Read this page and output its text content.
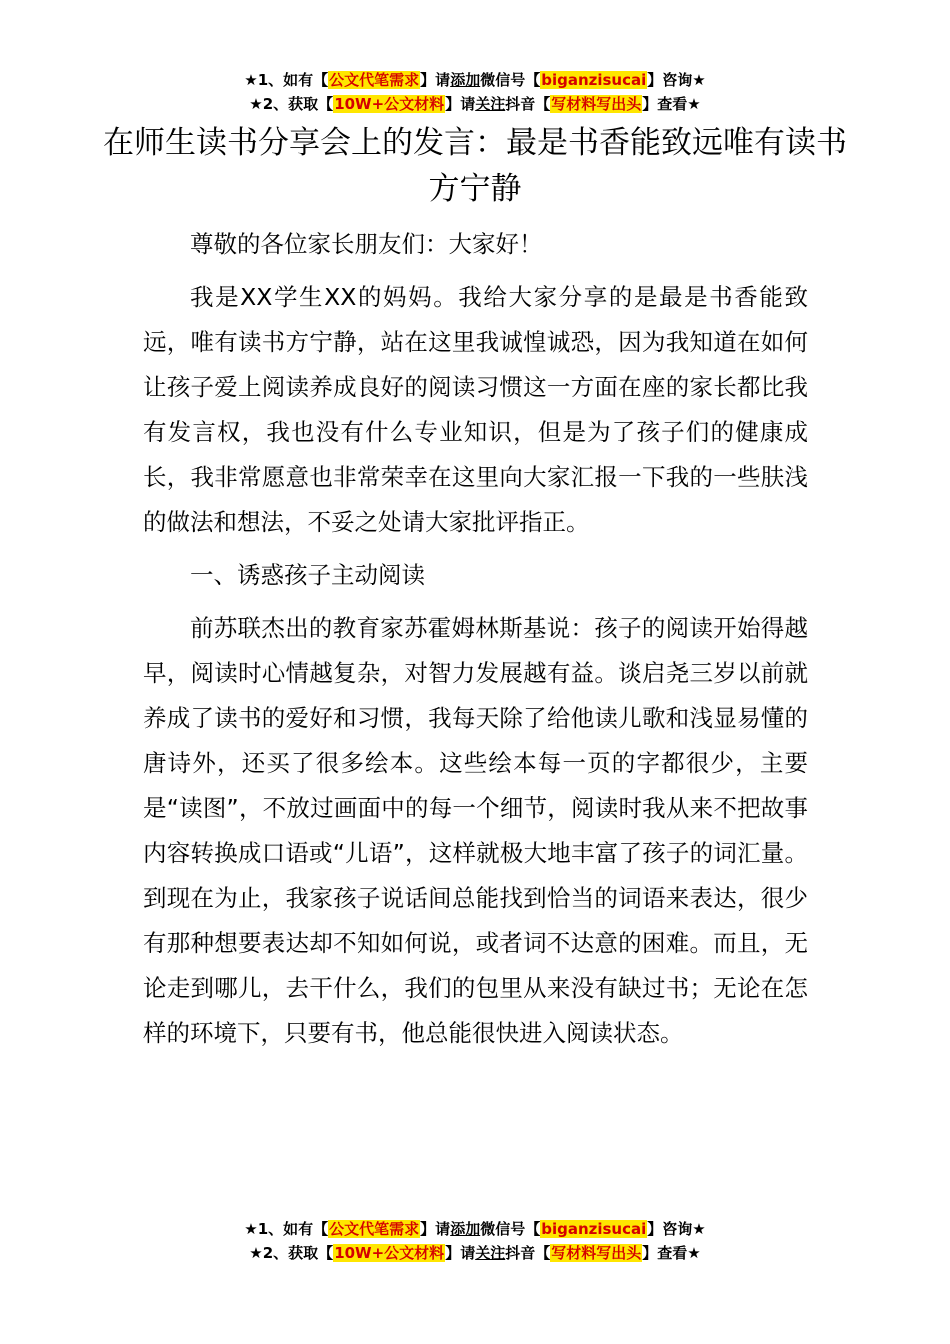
★1、如有【公文代笔需求】请添加微信号【biganzisucai】咨询★
★2、获取【10W+公文材料】请关注抖音【写材料写出头】查看★
在师生读书分享会上的发言：最是书香能致远唯有读书方宁静

尊敬的各位家长朋友们：大家好！

我是XX学生XX的妈妈。我给大家分享的是最是书香能致远，唯有读书方宁静，站在这里我诚惶诚恐，因为我知道在如何让孩子爱上阅读养成良好的阅读习惯这一方面在座的家长都比我有发言权，我也没有什么专业知识，但是为了孩子们的健康成长，我非常愿意也非常荣幸在这里向大家汇报一下我的一些肤浅的做法和想法，不妥之处请大家批评指正。

一、诱惑孩子主动阅读

前苏联杰出的教育家苏霍姆林斯基说：孩子的阅读开始得越早，阅读时心情越复杂，对智力发展越有益。谈启尧三岁以前就养成了读书的爱好和习惯，我每天除了给他读儿歌和浅显易懂的唐诗外，还买了很多绘本。这些绘本每一页的字都很少，主要是“读图”，不放过画面中的每一个细节，阅读时我从来不把故事内容转换成口语或“儿语”，这样就极大地丰富了孩子的词汇量。到现在为止，我家孩子说话间总能找到恰当的词语来表达，很少有那种想要表达却不知如何说，或者词不达意的困难。而且，无论走到哪儿，去干什么，我们的包里从来没有缺过书；无论在怎样的环境下，只要有书，他总能很快进入阅读状态。

★1、如有【公文代笔需求】请添加微信号【biganzisucai】咨询★
★2、获取【10W+公文材料】请关注抖音【写材料写出头】查看★
